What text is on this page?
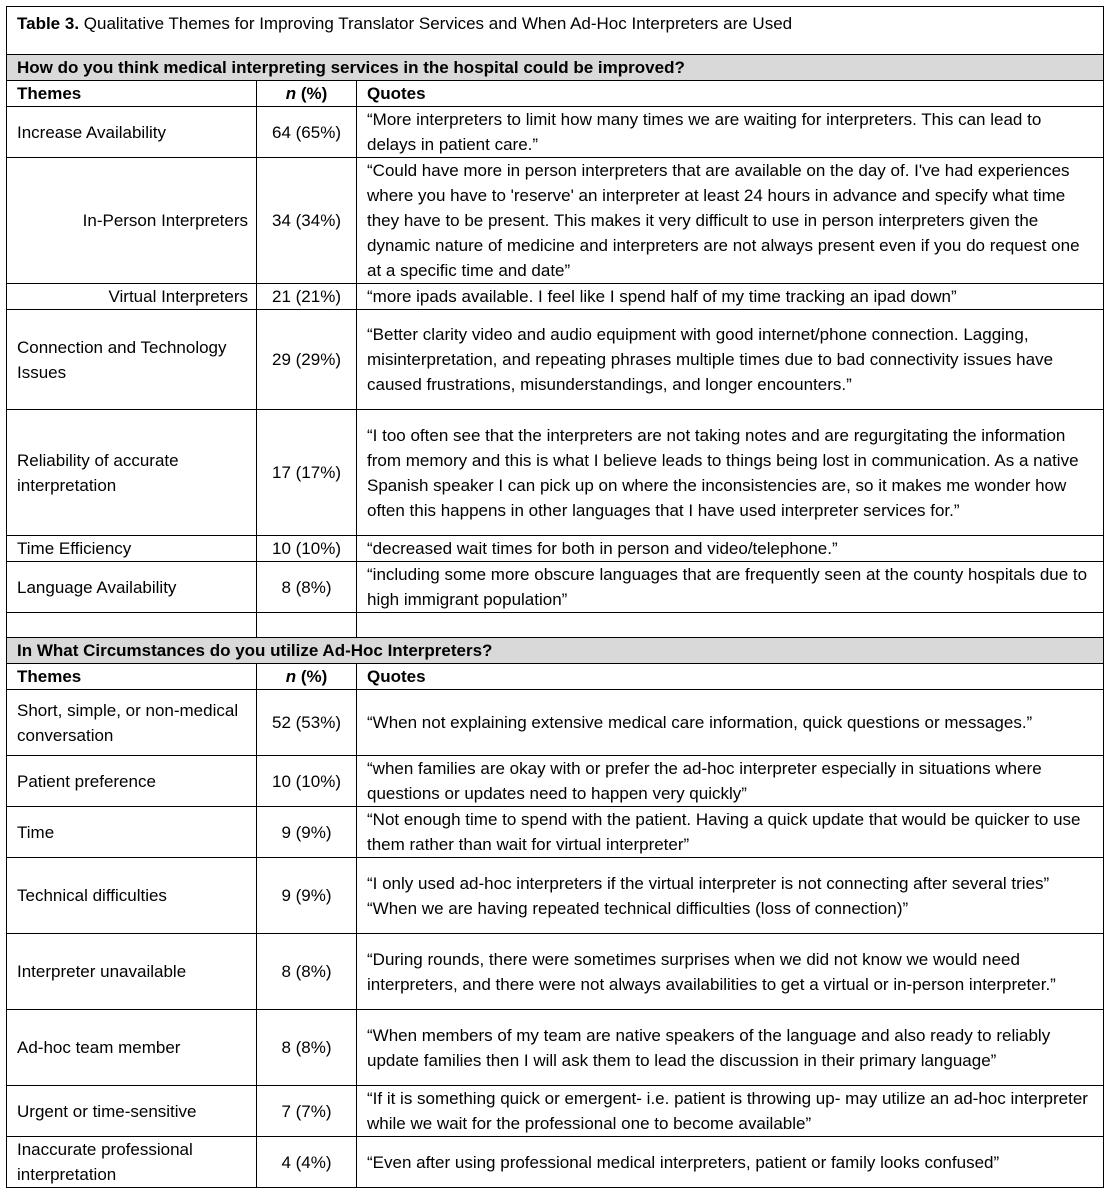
Table 3. Qualitative Themes for Improving Translator Services and When Ad-Hoc Interpreters are Used		
How do you think medical interpreting services in the hospital could be improved?		
Themes	n (%)	Quotes
Increase Availability	64 (65%)	“More interpreters to limit how many times we are waiting for interpreters. This can lead to delays in patient care.”
In-Person Interpreters	34 (34%)	“Could have more in person interpreters that are available on the day of. I've had experiences where you have to 'reserve' an interpreter at least 24 hours in advance and specify what time they have to be present. This makes it very difficult to use in person interpreters given the dynamic nature of medicine and interpreters are not always present even if you do request one at a specific time and date”
Virtual Interpreters	21 (21%)	“more ipads available. I feel like I spend half of my time tracking an ipad down”
Connection and Technology Issues	29 (29%)	“Better clarity video and audio equipment with good internet/phone connection. Lagging, misinterpretation, and repeating phrases multiple times due to bad connectivity issues have caused frustrations, misunderstandings, and longer encounters.”
Reliability of accurate interpretation	17 (17%)	“I too often see that the interpreters are not taking notes and are regurgitating the information from memory and this is what I believe leads to things being lost in communication. As a native Spanish speaker I can pick up on where the inconsistencies are, so it makes me wonder how often this happens in other languages that I have used interpreter services for.”
Time Efficiency	10 (10%)	“decreased wait times for both in person and video/telephone.”
Language Availability	8 (8%)	“including some more obscure languages that are frequently seen at the county hospitals due to high immigrant population”

In What Circumstances do you utilize Ad-Hoc Interpreters?		
Themes	n (%)	Quotes
Short, simple, or non-medical conversation	52 (53%)	“When not explaining extensive medical care information, quick questions or messages.”
Patient preference	10 (10%)	“when families are okay with or prefer the ad-hoc interpreter especially in situations where questions or updates need to happen very quickly”
Time	9 (9%)	“Not enough time to spend with the patient. Having a quick update that would be quicker to use them rather than wait for virtual interpreter”
Technical difficulties	9 (9%)	“I only used ad-hoc interpreters if the virtual interpreter is not connecting after several tries”
“When we are having repeated technical difficulties (loss of connection)”

Interpreter unavailable	8 (8%)	“During rounds, there were sometimes surprises when we did not know we would need interpreters, and there were not always availabilities to get a virtual or in-person interpreter.”
Ad-hoc team member	8 (8%)	“When members of my team are native speakers of the language and also ready to reliably update families then I will ask them to lead the discussion in their primary language”
Urgent or time-sensitive	7 (7%)	“If it is something quick or emergent- i.e. patient is throwing up- may utilize an ad-hoc interpreter while we wait for the professional one to become available”
Inaccurate professional interpretation	4 (4%)	“Even after using professional medical interpreters, patient or family looks confused”
